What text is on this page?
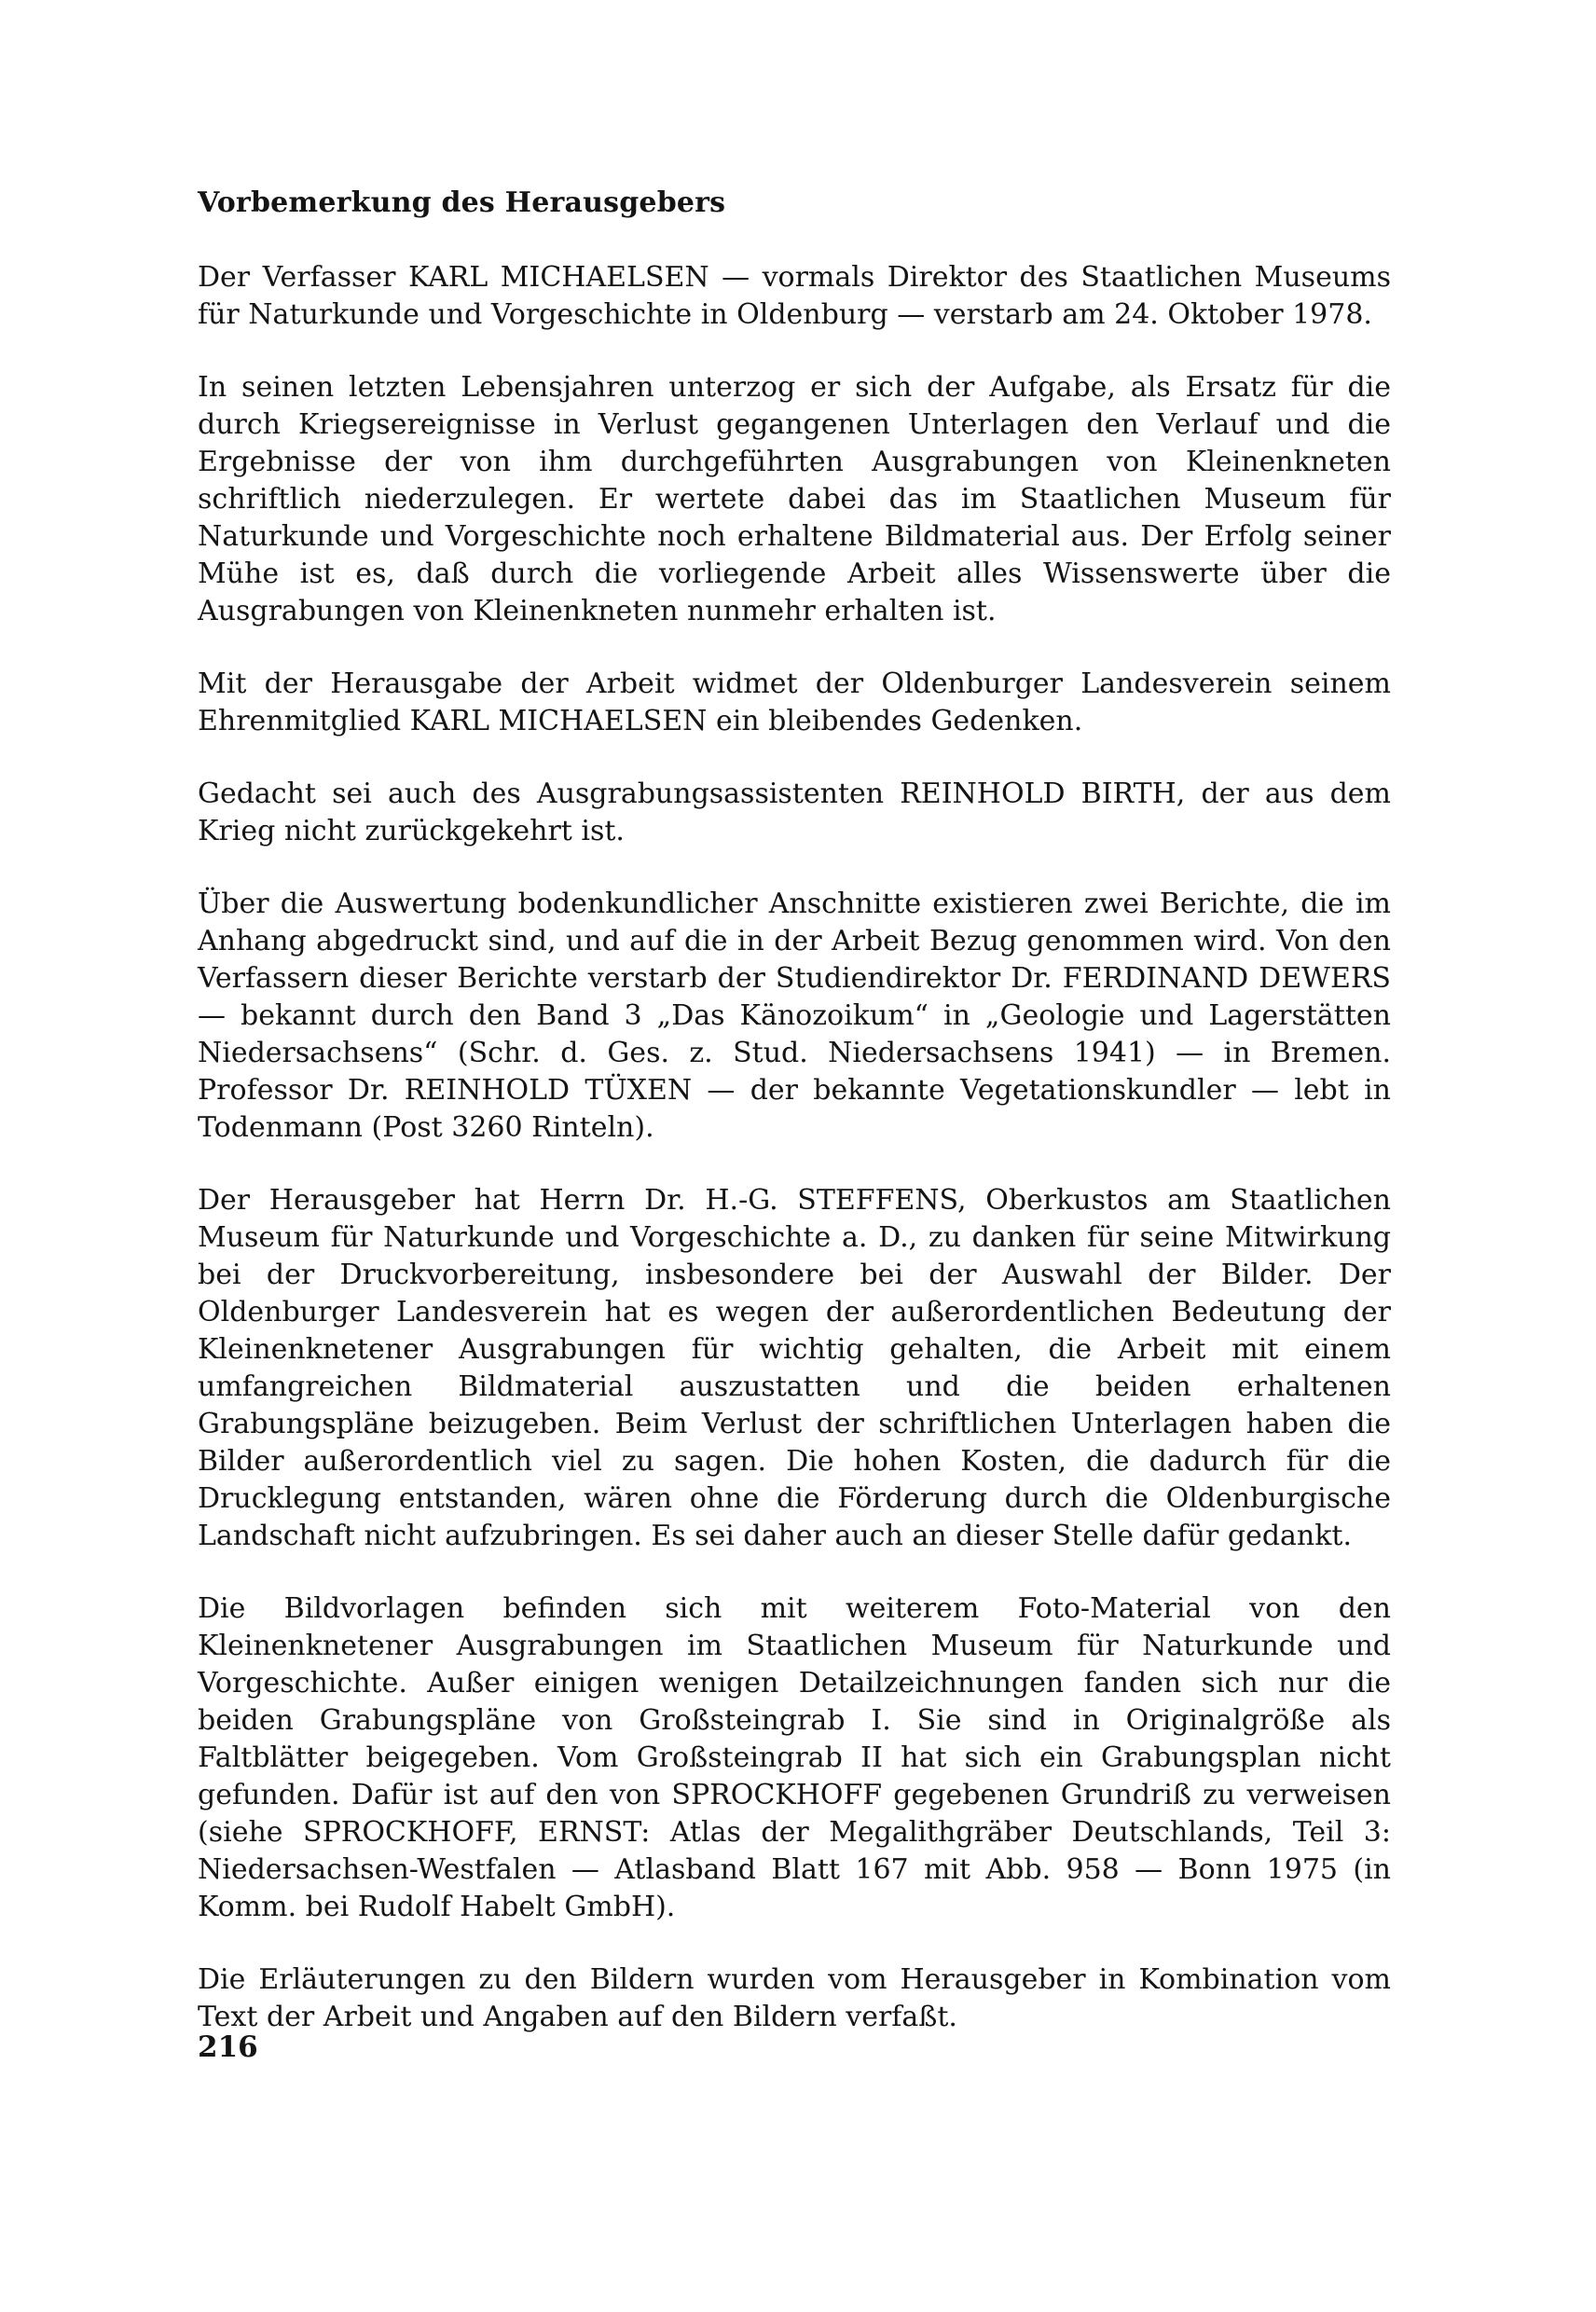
Vorbemerkung des Herausgebers

Der Verfasser KARL MICHAELSEN — vormals Direktor des Staatlichen Museums für Naturkunde und Vorgeschichte in Oldenburg — verstarb am 24. Oktober 1978.

In seinen letzten Lebensjahren unterzog er sich der Aufgabe, als Ersatz für die durch Kriegsereignisse in Verlust gegangenen Unterlagen den Verlauf und die Ergebnisse der von ihm durchgeführten Ausgrabungen von Kleinenkneten schriftlich niederzulegen. Er wertete dabei das im Staatlichen Museum für Naturkunde und Vorgeschichte noch erhaltene Bildmaterial aus. Der Erfolg seiner Mühe ist es, daß durch die vorliegende Arbeit alles Wissenswerte über die Ausgrabungen von Kleinenkneten nunmehr erhalten ist.

Mit der Herausgabe der Arbeit widmet der Oldenburger Landesverein seinem Ehrenmitglied KARL MICHAELSEN ein bleibendes Gedenken.

Gedacht sei auch des Ausgrabungsassistenten REINHOLD BIRTH, der aus dem Krieg nicht zurückgekehrt ist.

Über die Auswertung bodenkundlicher Anschnitte existieren zwei Berichte, die im Anhang abgedruckt sind, und auf die in der Arbeit Bezug genommen wird. Von den Verfassern dieser Berichte verstarb der Studiendirektor Dr. FERDINAND DEWERS — bekannt durch den Band 3 „Das Känozoikum“ in „Geologie und Lagerstätten Niedersachsens“ (Schr. d. Ges. z. Stud. Niedersachsens 1941) — in Bremen. Professor Dr. REINHOLD TÜXEN — der bekannte Vegetationskundler — lebt in Todenmann (Post 3260 Rinteln).

Der Herausgeber hat Herrn Dr. H.-G. STEFFENS, Oberkustos am Staatlichen Museum für Naturkunde und Vorgeschichte a. D., zu danken für seine Mitwirkung bei der Druckvorbereitung, insbesondere bei der Auswahl der Bilder. Der Oldenburger Landesverein hat es wegen der außerordentlichen Bedeutung der Kleinenknetener Ausgrabungen für wichtig gehalten, die Arbeit mit einem umfangreichen Bildmaterial auszustatten und die beiden erhaltenen Grabungspläne beizugeben. Beim Verlust der schriftlichen Unterlagen haben die Bilder außerordentlich viel zu sagen. Die hohen Kosten, die dadurch für die Drucklegung entstanden, wären ohne die Förderung durch die Oldenburgische Landschaft nicht aufzubringen. Es sei daher auch an dieser Stelle dafür gedankt.

Die Bildvorlagen befinden sich mit weiterem Foto-Material von den Kleinenknetener Ausgrabungen im Staatlichen Museum für Naturkunde und Vorgeschichte. Außer einigen wenigen Detailzeichnungen fanden sich nur die beiden Grabungspläne von Großsteingrab I. Sie sind in Originalgröße als Faltblätter beigegeben. Vom Großsteingrab II hat sich ein Grabungsplan nicht gefunden. Dafür ist auf den von SPROCKHOFF gegebenen Grundriß zu verweisen (siehe SPROCKHOFF, ERNST: Atlas der Megalithgräber Deutschlands, Teil 3: Niedersachsen-Westfalen — Atlasband Blatt 167 mit Abb. 958 — Bonn 1975 (in Komm. bei Rudolf Habelt GmbH).

Die Erläuterungen zu den Bildern wurden vom Herausgeber in Kombination vom Text der Arbeit und Angaben auf den Bildern verfaßt.

216
